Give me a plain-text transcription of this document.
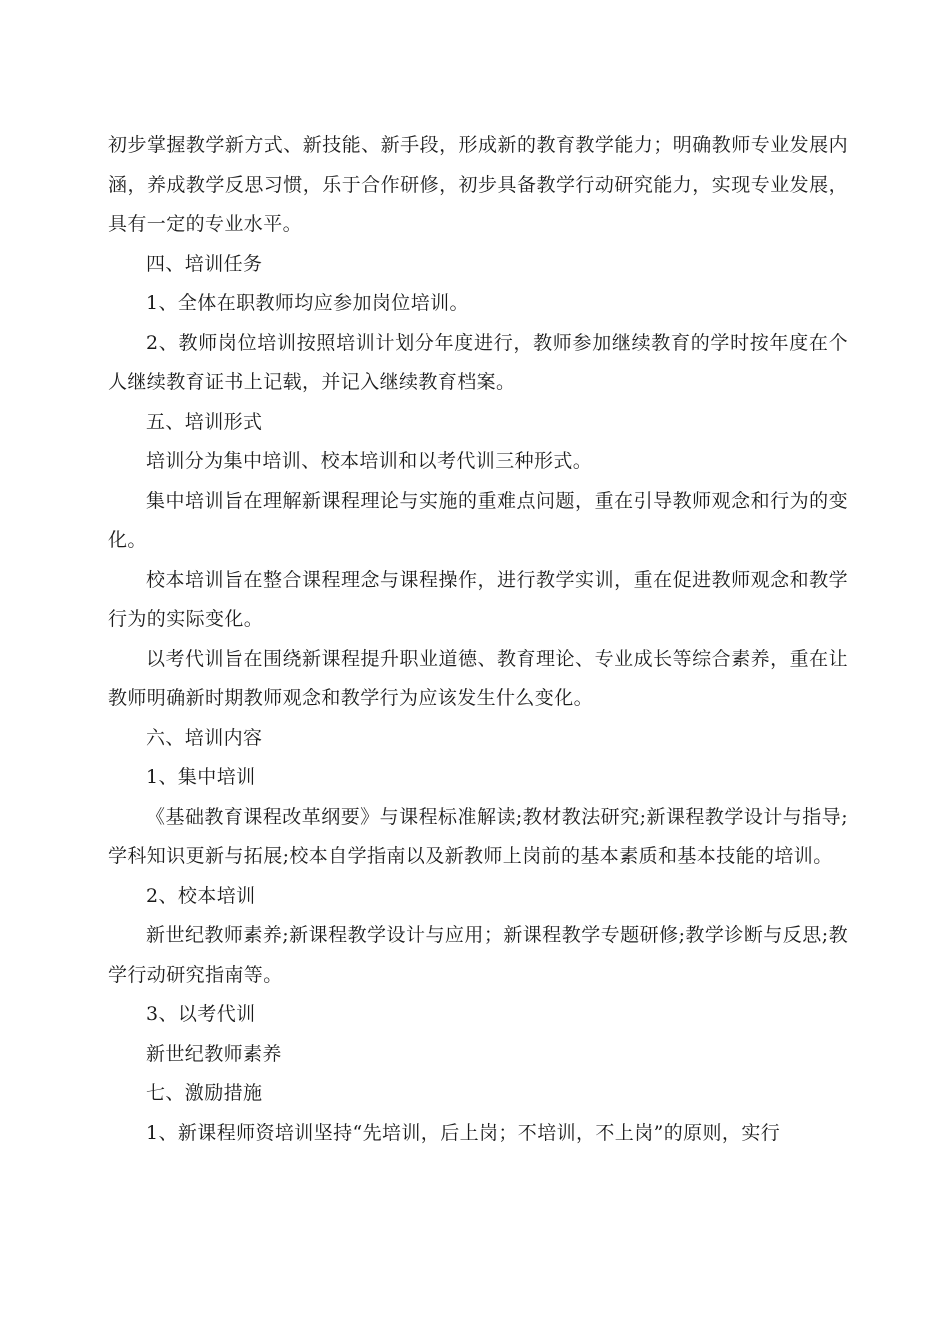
初步掌握教学新方式、新技能、新手段，形成新的教育教学能力；明确教师专业发展内涵，养成教学反思习惯，乐于合作研修，初步具备教学行动研究能力，实现专业发展，具有一定的专业水平。

四、培训任务

1、全体在职教师均应参加岗位培训。

2、教师岗位培训按照培训计划分年度进行，教师参加继续教育的学时按年度在个人继续教育证书上记载，并记入继续教育档案。

五、培训形式

培训分为集中培训、校本培训和以考代训三种形式。

集中培训旨在理解新课程理论与实施的重难点问题，重在引导教师观念和行为的变化。

校本培训旨在整合课程理念与课程操作，进行教学实训，重在促进教师观念和教学行为的实际变化。

以考代训旨在围绕新课程提升职业道德、教育理论、专业成长等综合素养，重在让教师明确新时期教师观念和教学行为应该发生什么变化。

六、培训内容

1、集中培训

《基础教育课程改革纲要》与课程标准解读;教材教法研究;新课程教学设计与指导;学科知识更新与拓展;校本自学指南以及新教师上岗前的基本素质和基本技能的培训。

2、校本培训

新世纪教师素养;新课程教学设计与应用；新课程教学专题研修;教学诊断与反思;教学行动研究指南等。

3、以考代训

新世纪教师素养

七、激励措施

1、新课程师资培训坚持“先培训，后上岗；不培训，不上岗”的原则，实行
